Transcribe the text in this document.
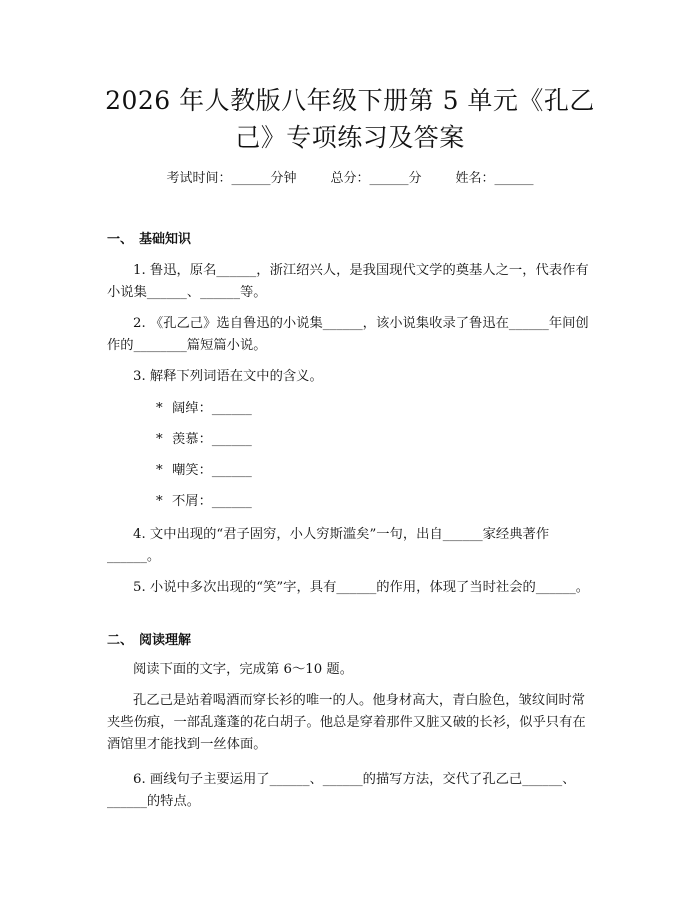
2026 年人教版八年级下册第 5 单元《孔乙己》专项练习及答案
考试时间：______分钟	总分：______分	姓名：______
一、 基础知识
1. 鲁迅，原名______，浙江绍兴人，是我国现代文学的奠基人之一，代表作有小说集______、______等。
2. 《孔乙己》选自鲁迅的小说集______，该小说集收录了鲁迅在______年间创作的________篇短篇小说。
3. 解释下列词语在文中的含义。
* 阔绰：______
* 羡慕：______
* 嘲笑：______
* 不屑：______
4. 文中出现的“君子固穷，小人穷斯滥矣”一句，出自______家经典著作______。
5. 小说中多次出现的“笑”字，具有______的作用，体现了当时社会的______。
二、 阅读理解
阅读下面的文字，完成第 6～10 题。
孔乙己是站着喝酒而穿长衫的唯一的人。他身材高大，青白脸色，皱纹间时常夹些伤痕，一部乱蓬蓬的花白胡子。他总是穿着那件又脏又破的长衫，似乎只有在酒馆里才能找到一丝体面。
6. 画线句子主要运用了______、______的描写方法，交代了孔乙己______、______的特点。
